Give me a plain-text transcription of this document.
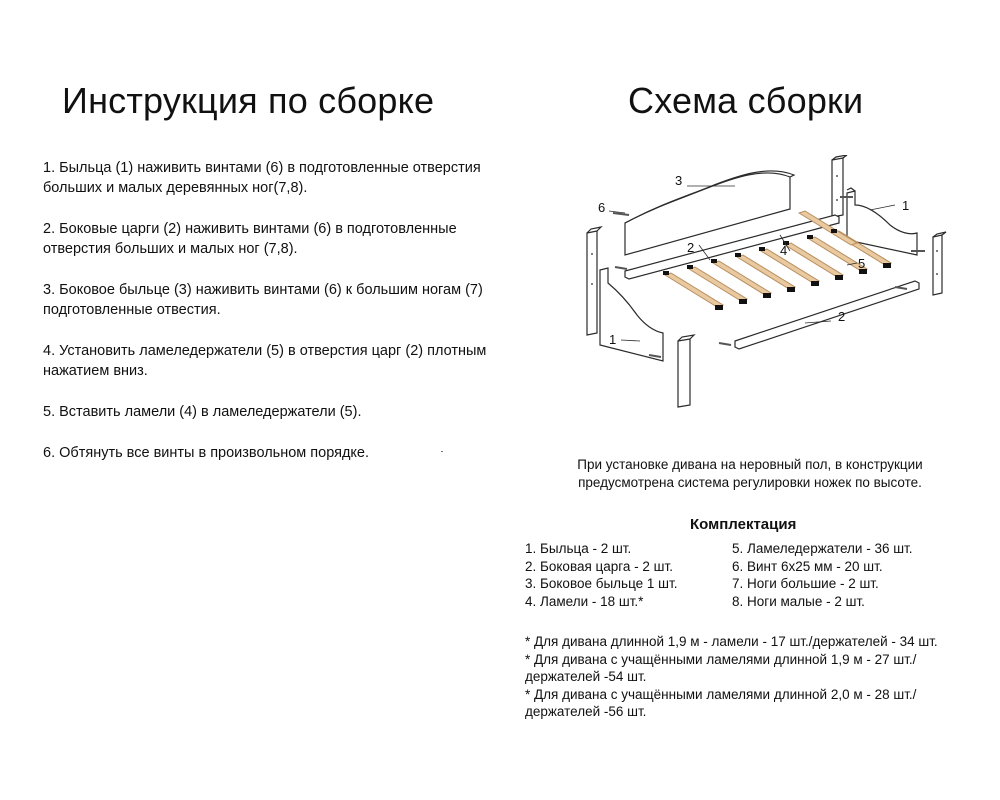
Инструкция по сборке

1. Быльца (1) наживить винтами (6) в подготовленные отверстия больших и малых деревянных ног(7,8).

2. Боковые царги (2) наживить винтами (6) в подготовленные отверстия больших и малых ног (7,8).

3. Боковое быльце (3) наживить винтами (6) к большим ногам (7) подготовленные отвестия.

4. Установить ламеледержатели (5) в отверстия царг (2) плотным нажатием вниз.

5. Вставить ламели (4) в ламеледержатели (5).

6. Обтянуть все винты в произвольном порядке.

Схема сборки
3
6	1
2	4
5
1
2
При установке дивана на неровный пол, в конструкции предусмотрена система регулировки ножек по высоте.
Комплектация
1. Быльца - 2 шт.
2. Боковая царга - 2 шт.
3. Боковое быльце 1 шт.
4. Ламели - 18 шт.*
5. Ламеледержатели - 36 шт.
6. Винт 6х25 мм - 20 шт.
7. Ноги большие - 2 шт.
8. Ноги малые - 2 шт.

* Для дивана длинной 1,9 м - ламели - 17 шт./держателей - 34 шт.

* Для дивана с учащёнными ламелями длинной 1,9 м - 27 шт./ держателей -54 шт.

* Для дивана с учащёнными ламелями длинной 2,0 м - 28 шт./ держателей -56 шт.
